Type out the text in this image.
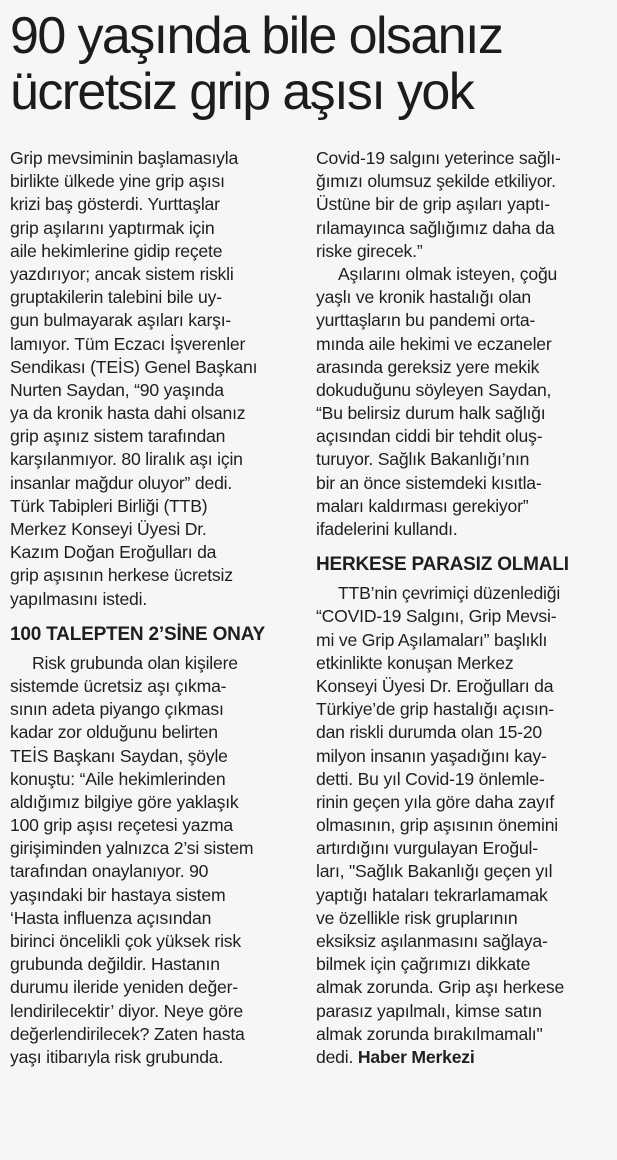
90 yaşında bile olsanız
ücretsiz grip aşısı yok
Grip mevsiminin başlamasıyla
birlikte ülkede yine grip aşısı
krizi baş gösterdi. Yurttaşlar
grip aşılarını yaptırmak için
aile hekimlerine gidip reçete
yazdırıyor; ancak sistem riskli
gruptakilerin talebini bile uy-
gun bulmayarak aşıları karşı-
lamıyor. Tüm Eczacı İşverenler
Sendikası (TEİS) Genel Başkanı
Nurten Saydan, “90 yaşında
ya da kronik hasta dahi olsanız
grip aşınız sistem tarafından
karşılanmıyor. 80 liralık aşı için
insanlar mağdur oluyor” dedi.
Türk Tabipleri Birliği (TTB)
Merkez Konseyi Üyesi Dr.
Kazım Doğan Eroğulları da
grip aşısının herkese ücretsiz
yapılmasını istedi.
100 TALEPTEN 2’SİNE ONAY
Risk grubunda olan kişilere
sistemde ücretsiz aşı çıkma-
sının adeta piyango çıkması
kadar zor olduğunu belirten
TEİS Başkanı Saydan, şöyle
konuştu: “Aile hekimlerinden
aldığımız bilgiye göre yaklaşık
100 grip aşısı reçetesi yazma
girişiminden yalnızca 2’si sistem
tarafından onaylanıyor. 90
yaşındaki bir hastaya sistem
‘Hasta influenza açısından
birinci öncelikli çok yüksek risk
grubunda değildir. Hastanın
durumu ileride yeniden değer-
lendirilecektir’ diyor. Neye göre
değerlendirilecek? Zaten hasta
yaşı itibarıyla risk grubunda.
Covid-19 salgını yeterince sağlı-
ğımızı olumsuz şekilde etkiliyor.
Üstüne bir de grip aşıları yaptı-
rılamayınca sağlığımız daha da
riske girecek.”
Aşılarını olmak isteyen, çoğu
yaşlı ve kronik hastalığı olan
yurttaşların bu pandemi orta-
mında aile hekimi ve eczaneler
arasında gereksiz yere mekik
dokuduğunu söyleyen Saydan,
“Bu belirsiz durum halk sağlığı
açısından ciddi bir tehdit oluş-
turuyor. Sağlık Bakanlığı’nın
bir an önce sistemdeki kısıtla-
maları kaldırması gerekiyor”
ifadelerini kullandı.
HERKESE PARASIZ OLMALI
TTB’nin çevrimiçi düzenlediği
“COVID-19 Salgını, Grip Mevsi-
mi ve Grip Aşılamaları” başlıklı
etkinlikte konuşan Merkez
Konseyi Üyesi Dr. Eroğulları da
Türkiye’de grip hastalığı açısın-
dan riskli durumda olan 15-20
milyon insanın yaşadığını kay-
detti. Bu yıl Covid-19 önlemle-
rinin geçen yıla göre daha zayıf
olmasının, grip aşısının önemini
artırdığını vurgulayan Eroğul-
ları, "Sağlık Bakanlığı geçen yıl
yaptığı hataları tekrarlamamak
ve özellikle risk gruplarının
eksiksiz aşılanmasını sağlaya-
bilmek için çağrımızı dikkate
almak zorunda. Grip aşı herkese
parasız yapılmalı, kimse satın
almak zorunda bırakılmamalı"
dedi. Haber Merkezi
